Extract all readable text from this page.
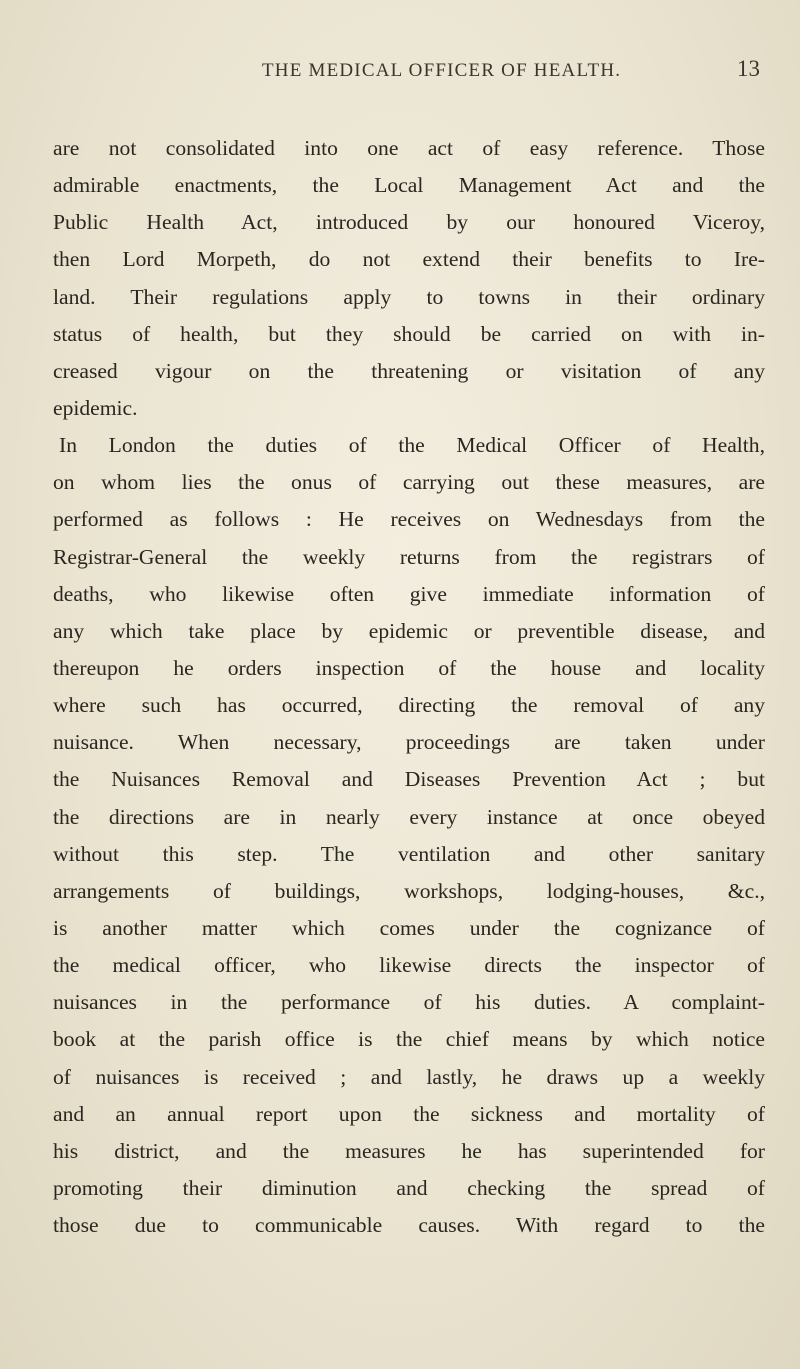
THE MEDICAL OFFICER OF HEALTH.	13
are not consolidated into one act of easy reference. Those
admirable enactments, the Local Management Act and the
Public Health Act, introduced by our honoured Viceroy,
then Lord Morpeth, do not extend their benefits to Ire-
land. Their regulations apply to towns in their ordinary
status of health, but they should be carried on with in-
creased vigour on the threatening or visitation of any
epidemic.
In London the duties of the Medical Officer of Health,
on whom lies the onus of carrying out these measures, are
performed as follows : He receives on Wednesdays from the
Registrar-General the weekly returns from the registrars of
deaths, who likewise often give immediate information of
any which take place by epidemic or preventible disease, and
thereupon he orders inspection of the house and locality
where such has occurred, directing the removal of any
nuisance. When necessary, proceedings are taken under
the Nuisances Removal and Diseases Prevention Act ; but
the directions are in nearly every instance at once obeyed
without this step. The ventilation and other sanitary
arrangements of buildings, workshops, lodging-houses, &c.,
is another matter which comes under the cognizance of
the medical officer, who likewise directs the inspector of
nuisances in the performance of his duties. A complaint-
book at the parish office is the chief means by which notice
of nuisances is received ; and lastly, he draws up a weekly
and an annual report upon the sickness and mortality of
his district, and the measures he has superintended for
promoting their diminution and checking the spread of
those due to communicable causes. With regard to the
